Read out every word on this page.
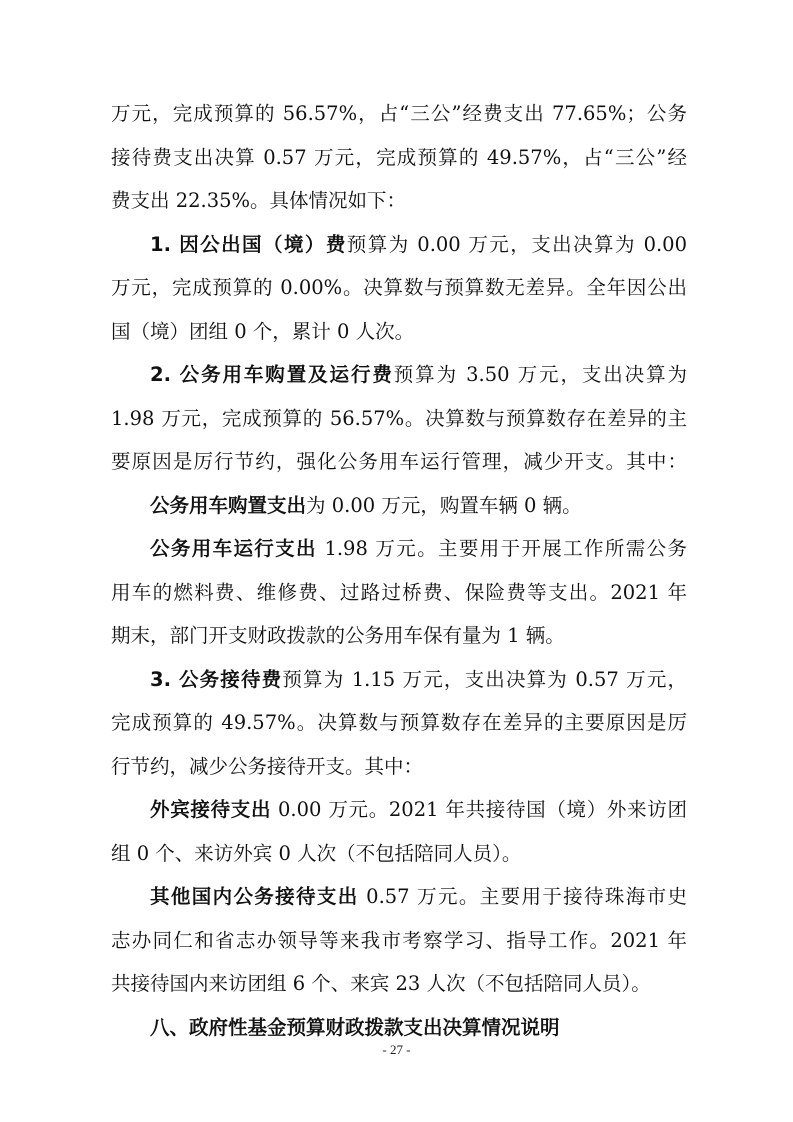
万元，完成预算的 56.57%，占“三公”经费支出 77.65%；公务
接待费支出决算 0.57 万元，完成预算的 49.57%，占“三公”经
费支出 22.35%。具体情况如下：
1. 因公出国（境）费预算为 0.00 万元，支出决算为 0.00
万元，完成预算的 0.00%。决算数与预算数无差异。全年因公出
国（境）团组 0 个，累计 0 人次。
2. 公务用车购置及运行费预算为 3.50 万元，支出决算为
1.98 万元，完成预算的 56.57%。决算数与预算数存在差异的主
要原因是厉行节约，强化公务用车运行管理，减少开支。其中：
公务用车购置支出为 0.00 万元，购置车辆 0 辆。
公务用车运行支出 1.98 万元。主要用于开展工作所需公务
用车的燃料费、维修费、过路过桥费、保险费等支出。2021 年
期末，部门开支财政拨款的公务用车保有量为 1 辆。
3. 公务接待费预算为 1.15 万元，支出决算为 0.57 万元，
完成预算的 49.57%。决算数与预算数存在差异的主要原因是厉
行节约，减少公务接待开支。其中：
外宾接待支出 0.00 万元。2021 年共接待国（境）外来访团
组 0 个、来访外宾 0 人次（不包括陪同人员）。
其他国内公务接待支出 0.57 万元。主要用于接待珠海市史
志办同仁和省志办领导等来我市考察学习、指导工作。2021 年
共接待国内来访团组 6 个、来宾 23 人次（不包括陪同人员）。
八、政府性基金预算财政拨款支出决算情况说明
- 27 -
